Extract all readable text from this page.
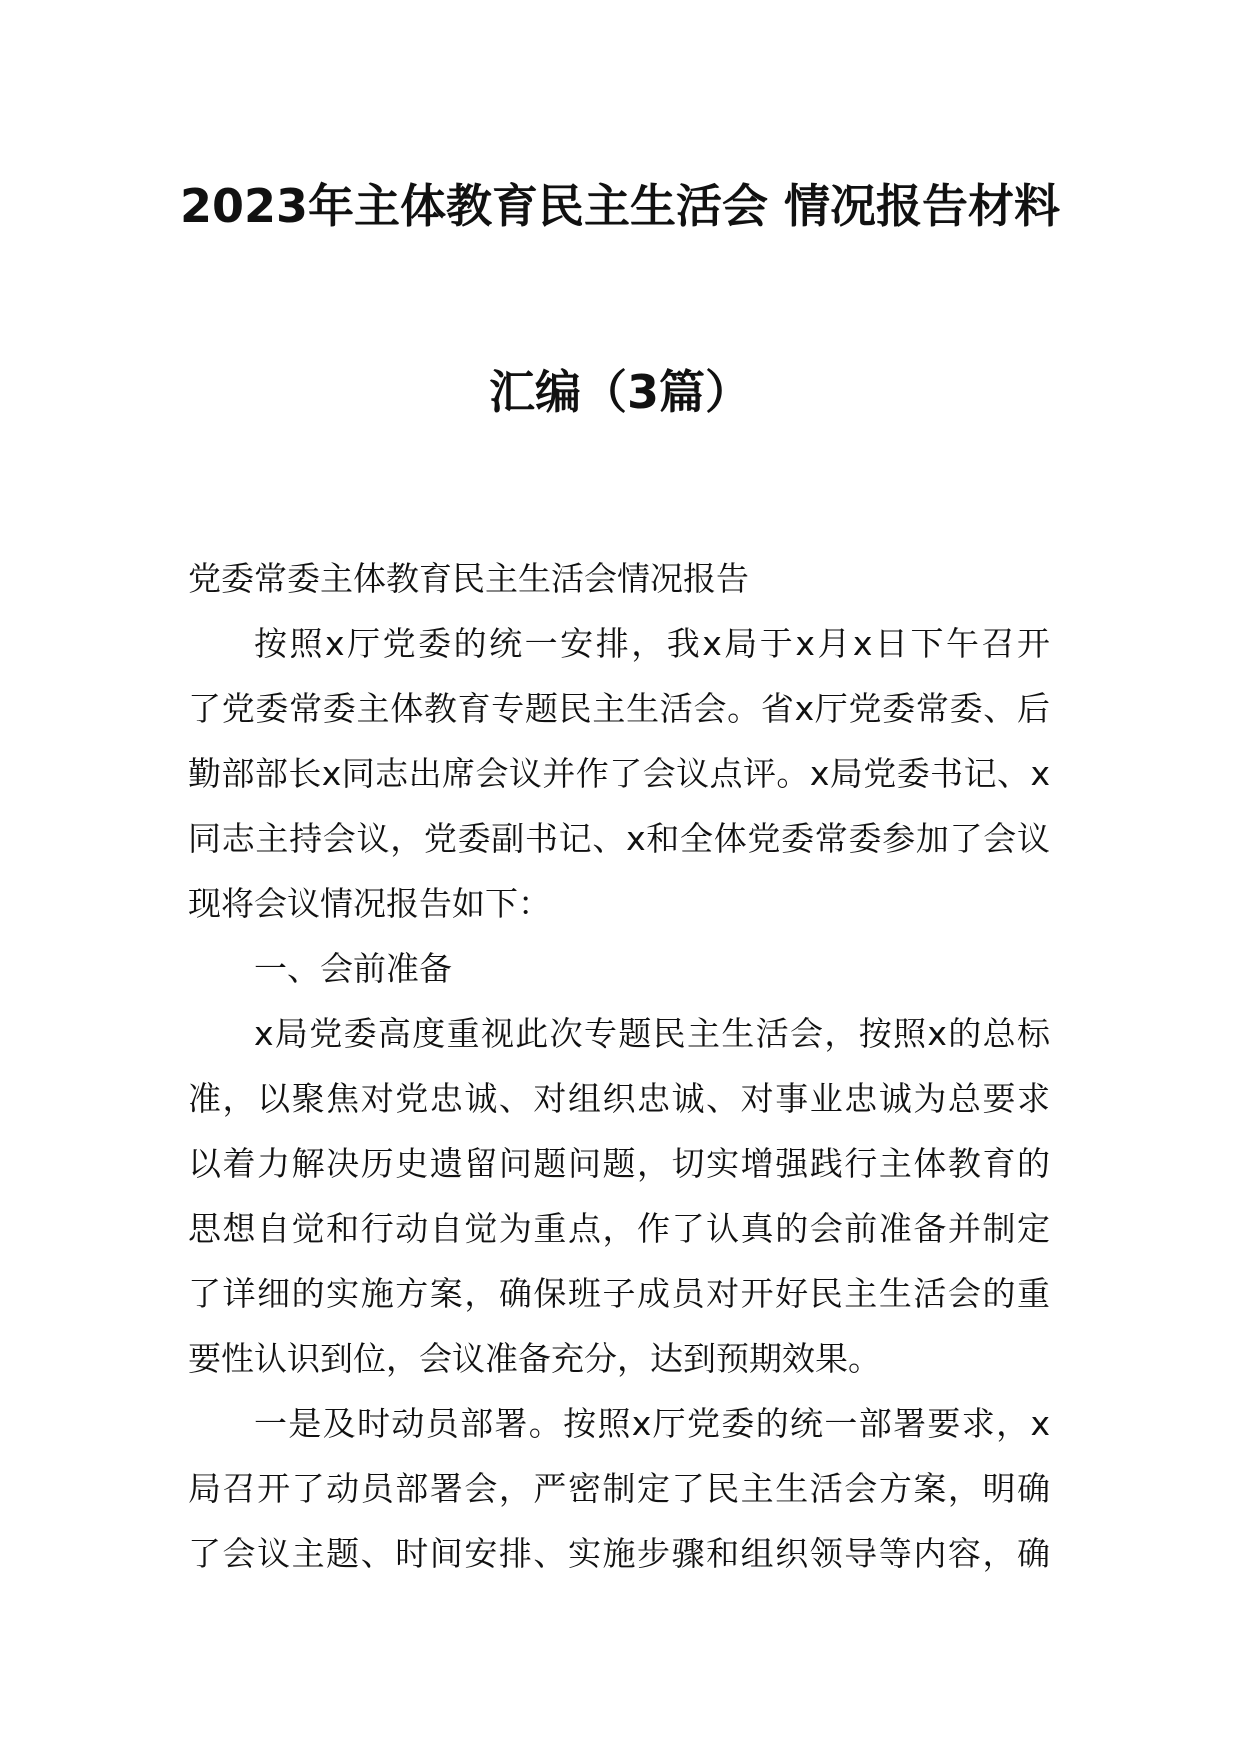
2023年主体教育民主生活会 情况报告材料
汇编（3篇）
党委常委主体教育民主生活会情况报告
按照x厅党委的统一安排，我x局于x月x日下午召开
了党委常委主体教育专题民主生活会。省x厅党委常委、后
勤部部长x同志出席会议并作了会议点评。x局党委书记、x
同志主持会议，党委副书记、x和全体党委常委参加了会议
现将会议情况报告如下：
一、会前准备
x局党委高度重视此次专题民主生活会，按照x的总标
准，以聚焦对党忠诚、对组织忠诚、对事业忠诚为总要求
以着力解决历史遗留问题问题，切实增强践行主体教育的
思想自觉和行动自觉为重点，作了认真的会前准备并制定
了详细的实施方案，确保班子成员对开好民主生活会的重
要性认识到位，会议准备充分，达到预期效果。
一是及时动员部署。按照x厅党委的统一部署要求，x
局召开了动员部署会，严密制定了民主生活会方案，明确
了会议主题、时间安排、实施步骤和组织领导等内容，确
